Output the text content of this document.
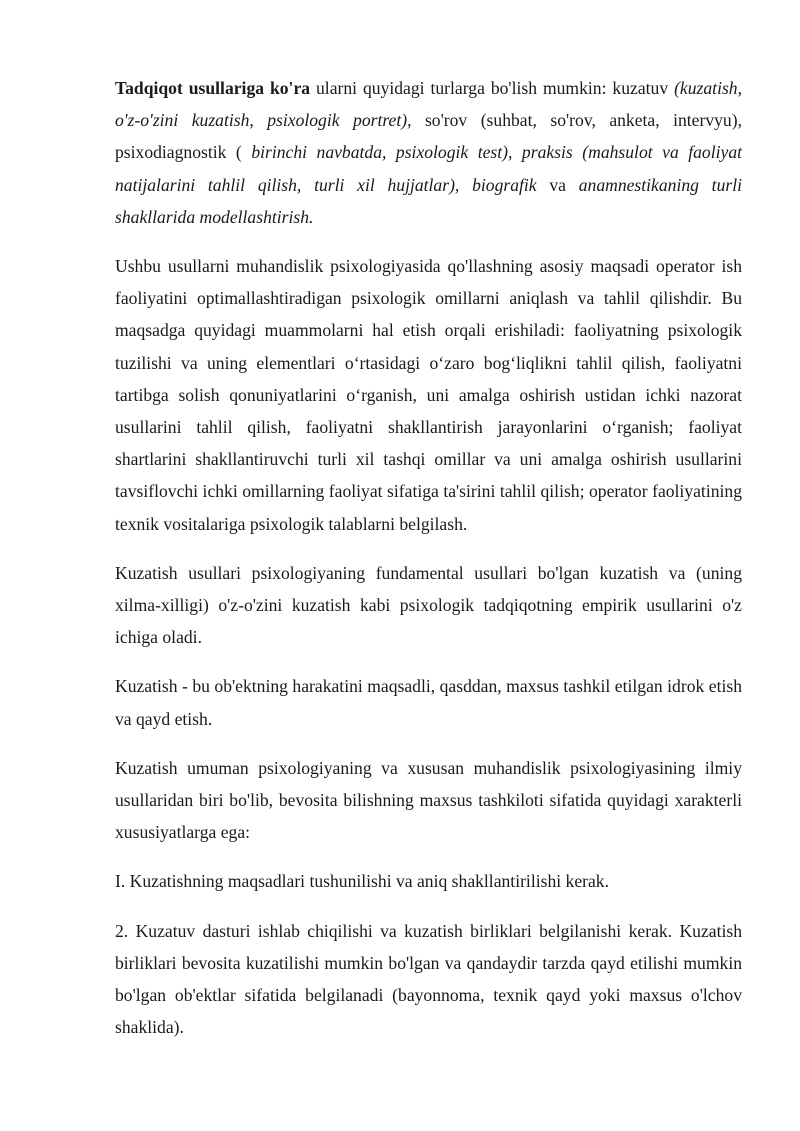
Tadqiqot usullariga ko'ra ularni quyidagi turlarga bo'lish mumkin: kuzatuv (kuzatish, o'z-o'zini kuzatish, psixologik portret), so'rov (suhbat, so'rov, anketa, intervyu), psixodiagnostik ( birinchi navbatda, psixologik test), praksis (mahsulot va faoliyat natijalarini tahlil qilish, turli xil hujjatlar), biografik va anamnestikaning turli shakllarida modellashtirish.

Ushbu usullarni muhandislik psixologiyasida qo'llashning asosiy maqsadi operator ish faoliyatini optimallashtiradigan psixologik omillarni aniqlash va tahlil qilishdir. Bu maqsadga quyidagi muammolarni hal etish orqali erishiladi: faoliyatning psixologik tuzilishi va uning elementlari oʻrtasidagi oʻzaro bogʻliqlikni tahlil qilish, faoliyatni tartibga solish qonuniyatlarini oʻrganish, uni amalga oshirish ustidan ichki nazorat usullarini tahlil qilish, faoliyatni shakllantirish jarayonlarini oʻrganish; faoliyat shartlarini shakllantiruvchi turli xil tashqi omillar va uni amalga oshirish usullarini tavsiflovchi ichki omillarning faoliyat sifatiga ta'sirini tahlil qilish; operator faoliyatining texnik vositalariga psixologik talablarni belgilash.

Kuzatish usullari psixologiyaning fundamental usullari bo'lgan kuzatish va (uning xilma-xilligi) o'z-o'zini kuzatish kabi psixologik tadqiqotning empirik usullarini o'z ichiga oladi.

Kuzatish - bu ob'ektning harakatini maqsadli, qasddan, maxsus tashkil etilgan idrok etish va qayd etish.

Kuzatish umuman psixologiyaning va xususan muhandislik psixologiyasining ilmiy usullaridan biri bo'lib, bevosita bilishning maxsus tashkiloti sifatida quyidagi xarakterli xususiyatlarga ega:

I. Kuzatishning maqsadlari tushunilishi va aniq shakllantirilishi kerak.

2. Kuzatuv dasturi ishlab chiqilishi va kuzatish birliklari belgilanishi kerak. Kuzatish birliklari bevosita kuzatilishi mumkin bo'lgan va qandaydir tarzda qayd etilishi mumkin bo'lgan ob'ektlar sifatida belgilanadi (bayonnoma, texnik qayd yoki maxsus o'lchov shaklida).
